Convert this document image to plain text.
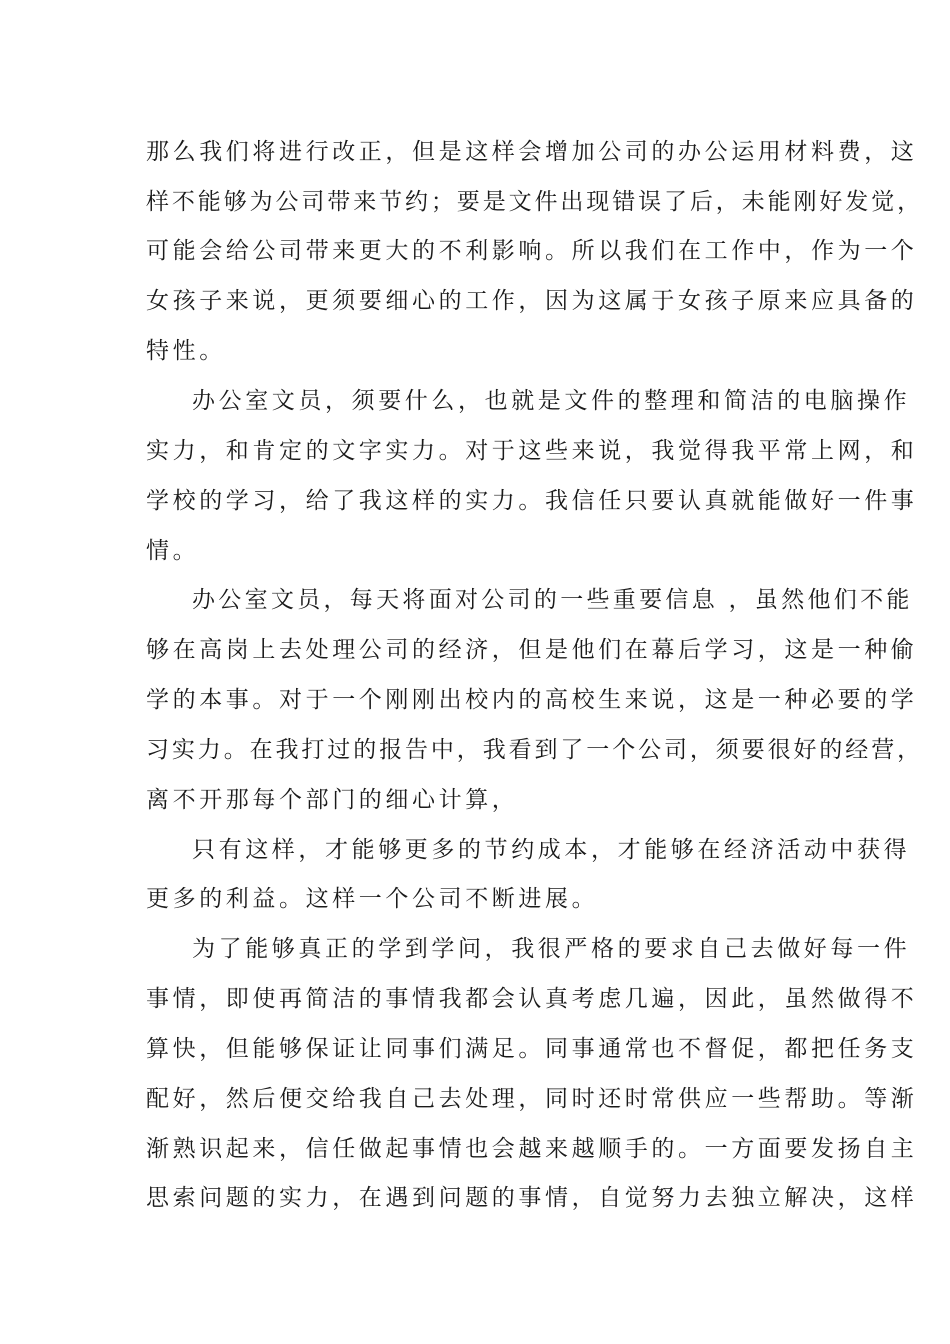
那么我们将进行改正，但是这样会增加公司的办公运用材料费，这

样不能够为公司带来节约；要是文件出现错误了后，未能刚好发觉，

可能会给公司带来更大的不利影响。所以我们在工作中，作为一个

女孩子来说，更须要细心的工作，因为这属于女孩子原来应具备的

特性。

办公室文员，须要什么，也就是文件的整理和简洁的电脑操作

实力，和肯定的文字实力。对于这些来说，我觉得我平常上网，和

学校的学习，给了我这样的实力。我信任只要认真就能做好一件事

情。

办公室文员，每天将面对公司的一些重要信息 ，虽然他们不能

够在高岗上去处理公司的经济，但是他们在幕后学习，这是一种偷

学的本事。对于一个刚刚出校内的高校生来说，这是一种必要的学

习实力。在我打过的报告中，我看到了一个公司，须要很好的经营，

离不开那每个部门的细心计算，

只有这样，才能够更多的节约成本，才能够在经济活动中获得

更多的利益。这样一个公司不断进展。

为了能够真正的学到学问，我很严格的要求自己去做好每一件

事情，即使再简洁的事情我都会认真考虑几遍，因此，虽然做得不

算快，但能够保证让同事们满足。同事通常也不督促，都把任务支

配好，然后便交给我自己去处理，同时还时常供应一些帮助。等渐

渐熟识起来，信任做起事情也会越来越顺手的。一方面要发扬自主

思索问题的实力，在遇到问题的事情，自觉努力去独立解决，这样
